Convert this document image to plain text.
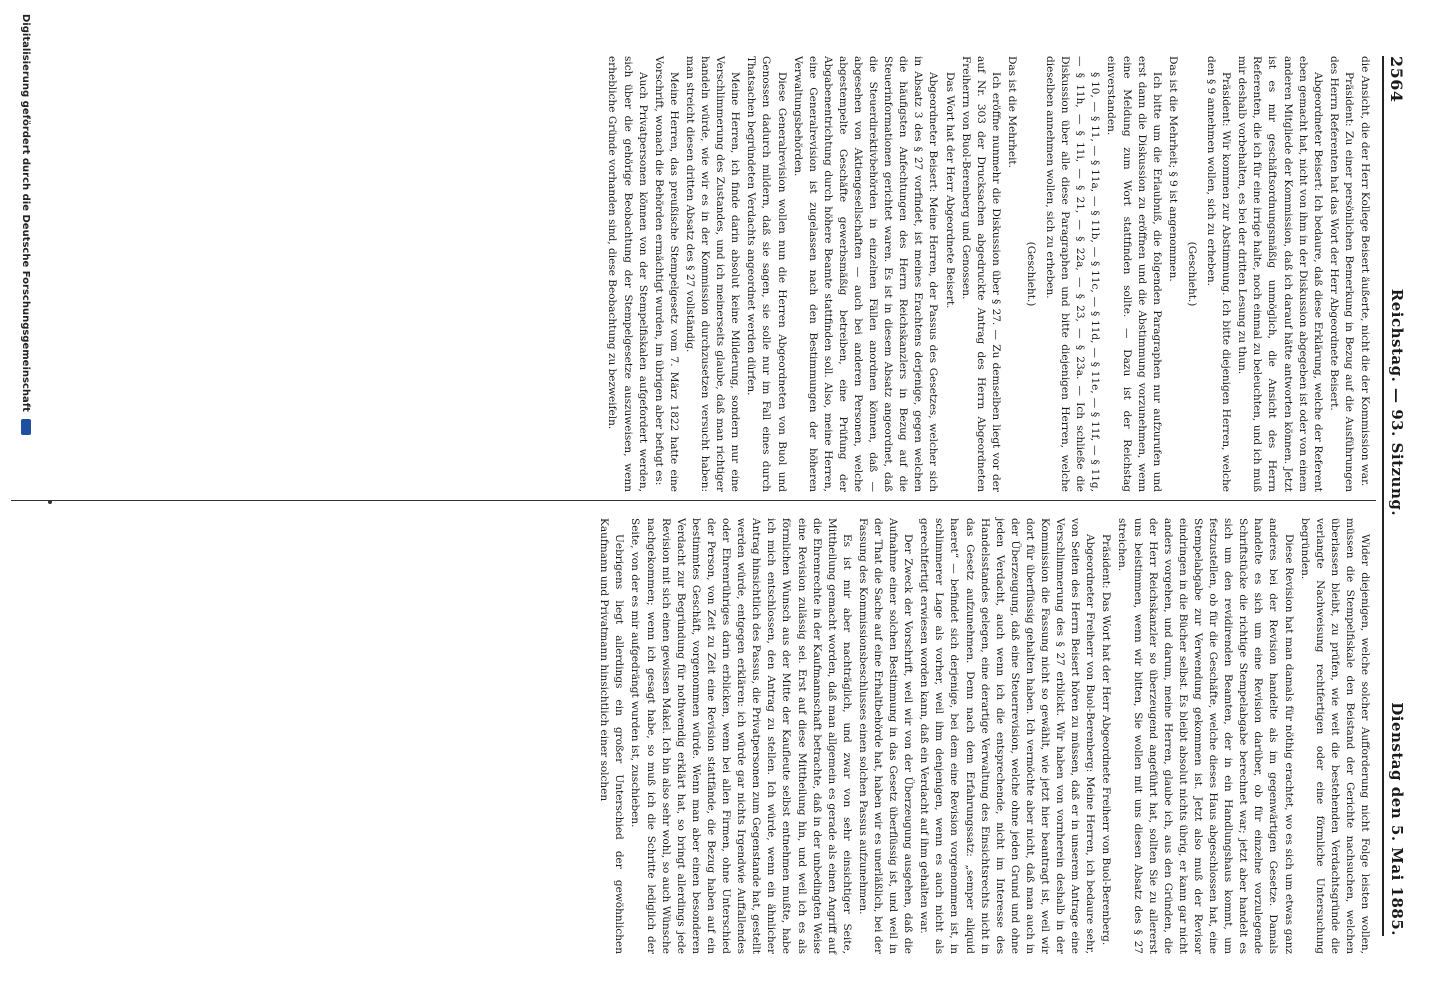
2564
Reichstag. — 93. Sitzung.
Dienstag den 5. Mai 1885.

die Ansicht, die der Herr Kollege Beisert äußerte, nicht die der Kommission war.

Präsident: Zu einer persönlichen Bemerkung in Bezug auf die Ausführungen des Herrn Referenten hat das Wort der Herr Abgeordnete Beisert.

Abgeordneter Beisert: Ich bedaure, daß diese Erklärung, welche der Referent eben gemacht hat, nicht von ihm in der Diskussion abgegeben ist oder von einem anderen Mitgliede der Kommission, daß ich darauf hätte antworten können. Jetzt ist es mir geschäftsordnungsmäßig unmöglich, die Ansicht des Herrn Referenten, die ich für eine irrige halte, noch einmal zu beleuchten, und ich muß mir deshalb vorbehalten, es bei der dritten Lesung zu thun.

Präsident: Wir kommen zur Abstimmung. Ich bitte diejenigen Herren, welche den § 9 annehmen wollen, sich zu erheben.

(Geschieht.)

Das ist die Mehrheit; § 9 ist angenommen.

Ich bitte um die Erlaubniß, die folgenden Paragraphen nur aufzurufen und erst dann die Diskussion zu eröffnen und die Abstimmung vorzunehmen, wenn eine Meldung zum Wort stattfinden sollte. — Dazu ist der Reichstag einverstanden.

§ 10, — § 11, — § 11a, — § 11b, — § 11c, — § 11d, — § 11e, — § 11f, — § 11g, — § 11h, — § 11i, — § 21, — § 22a, — § 23, — § 23a. — Ich schließe die Diskussion über alle diese Paragraphen und bitte diejenigen Herren, welche dieselben annehmen wollen, sich zu erheben.

(Geschieht.)

Das ist die Mehrheit.

Ich eröffne nunmehr die Diskussion über § 27. — Zu demselben liegt vor der auf Nr. 303 der Drucksachen abgedruckte Antrag des Herrn Abgeordneten Freiherrn von Buol-Berenberg und Genossen.

Das Wort hat der Herr Abgeordnete Beisert.

Abgeordneter Beisert: Meine Herren, der Passus des Gesetzes, welcher sich in Absatz 3 des § 27 vorfindet, ist meines Erachtens derjenige, gegen welchen die häufigsten Anfechtungen des Herrn Reichskanzlers in Bezug auf die Steuerinformationen gerichtet waren. Es ist in diesem Absatz angeordnet, daß die Steuerdirektivbehörden in einzelnen Fällen anordnen können, daß — abgesehen von Aktiengesellschaften — auch bei anderen Personen, welche abgestempelte Geschäfte gewerbsmäßig betreiben, eine Prüfung der Abgabenentrichtung durch höhere Beamte stattfinden soll. Also, meine Herren, eine Generalrevision ist zugelassen nach den Bestimmungen der höheren Verwaltungsbehörden.

Diese Generalrevision wollen nun die Herren Abgeordneten von Buol und Genossen dadurch mildern, daß sie sagen, sie solle nur im Fall eines durch Thatsachen begründeten Verdachts angeordnet werden dürfen.

Meine Herren, ich finde darin absolut keine Milderung, sondern nur eine Verschlimmerung des Zustandes, und ich meinerseits glaube, daß man richtiger handeln würde, wie wir es in der Kommission durchzusetzen versucht haben: man streicht diesen dritten Absatz des § 27 vollständig.

Meine Herren, das preußische Stempelgesetz vom 7. März 1822 hatte eine Vorschrift, wonach die Behörden ermächtigt wurden, im übrigen aber befugt es:

Auch Privatpersonen können von der Stempelfiskalen aufgefordert werden, sich über die gehörige Beobachtung der Stempelgesetze auszuweisen, wenn erhebliche Gründe vorhanden sind, diese Beobachtung zu bezweifeln.

Wider diejenigen, welche solcher Aufforderung nicht Folge leisten wollen, müssen die Stempelfiskale den Beistand der Gerichte nachsuchen, welchen überlassen bleibt, zu prüfen, wie weit die bestehenden Verdachtsgründe die verlangte Nachweisung rechtfertigen oder eine förmliche Untersuchung begründen.

Diese Revision hat man damals für nöthig erachtet, wo es sich um etwas ganz anderes bei der Revision handelte als im gegenwärtigen Gesetze. Damals handelte es sich um eine Revision darüber, ob für einzelne vorzulegende Schriftstücke die richtige Stempelabgabe berechnet war; jetzt aber handelt es sich um den revidirenden Beamten, der in ein Handlungshaus kommt, um festzustellen, ob für die Geschäfte, welche dieses Haus abgeschlossen hat, eine Stempelabgabe zur Verwendung gekommen ist. Jetzt also muß der Revisor eindringen in die Bücher selbst. Es bleibt absolut nichts übrig, er kann gar nicht anders vorgehen, und darum, meine Herren, glaube ich, aus den Gründen, die der Herr Reichskanzler so überzeugend angeführt hat, sollten Sie zu allererst uns beistimmen, wenn wir bitten, Sie wollen mit uns diesen Absatz des § 27 streichen.

Präsident: Das Wort hat der Herr Abgeordnete Freiherr von Buol-Berenberg.

Abgeordneter Freiherr von Buol-Berenberg: Meine Herren, ich bedaure sehr, von Seiten des Herrn Beisert hören zu müssen, daß er in unserem Antrage eine Verschlimmerung des § 27 erblickt. Wir haben von vornherein deshalb in der Kommission die Fassung nicht so gewählt, wie jetzt hier beantragt ist, weil wir dort für überflüssig gehalten haben. Ich vermöchte aber nicht, daß man auch in der Überzeugung, daß eine Steuerrevision, welche ohne jeden Grund und ohne jeden Verdacht, auch wenn ich die entsprechende, nicht im Interesse des Handelsstandes gelegen, eine derartige Verwaltung des Einsichtsrechts nicht in das Gesetz aufzunehmen. Denn nach dem Erfahrungssatz: „semper aliquid haeret“ — befindet sich derjenige, bei dem eine Revision vorgenommen ist, in schlimmerer Lage als vorher, weil ihm denjenigen, wenn es auch nicht als gerechtfertigt erwiesen worden kann, daß ein Verdacht auf ihm gehalten war.

Der Zweck der Vorschrift, weil wir von der Überzeugung ausgehen, daß die Aufnahme einer solchen Bestimmung in das Gesetz überflüssig ist, und weil in der That die Sache auf eine Erhaltbehörde hat, haben wir es unerläßlich, bei der Fassung des Kommissionsbeschlusses einen solchen Passus aufzunehmen.

Es ist mir aber nachträglich, und zwar von sehr einsichtiger Seite, Mittheilung gemacht worden, daß man allgemein es gerade als einen Angriff auf die Ehrenrechte in der Kaufmannschaft betrachte, daß in der unbedingten Weise eine Revision zulässig sei. Erst auf diese Mittheilung hin, und weil ich es als förmlichen Wunsch aus der Mitte der Kaufleute selbst entnehmen mußte, habe ich mich entschlossen, den Antrag zu stellen. Ich würde, wenn ein ähnlicher Antrag hinsichtlich des Passus, die Privatpersonen zum Gegenstande hat, gestellt werden würde, entgegen erklären: ich würde gar nichts Irgendwie Auffallendes oder Ehrenrühriges darin erblicken, wenn bei allen Firmen, ohne Unterschied der Person, von Zeit zu Zeit eine Revision stattfände, die Bezug haben auf ein bestimmtes Geschäft, vorgenommen würde. Wenn man aber einen besonderen Verdacht zur Begründung für nothwendig erklärt hat, so bringt allerdings jede Revision mit sich einen gewissen Makel. Ich bin also sehr wohl, so auch Wünsche nachgekommen; wenn ich gesagt habe, so muß ich die Schritte lediglich der Seite, von der es mir aufgedrängt wurden ist, zuschieben.

Uebrigens liegt allerdings ein großer Unterschied der gewöhnlichen Kaufmann und Privatmann hinsichtlich einer solchen

Digitalisierung gefördert durch die Deutsche Forschungsgemeinschaft
